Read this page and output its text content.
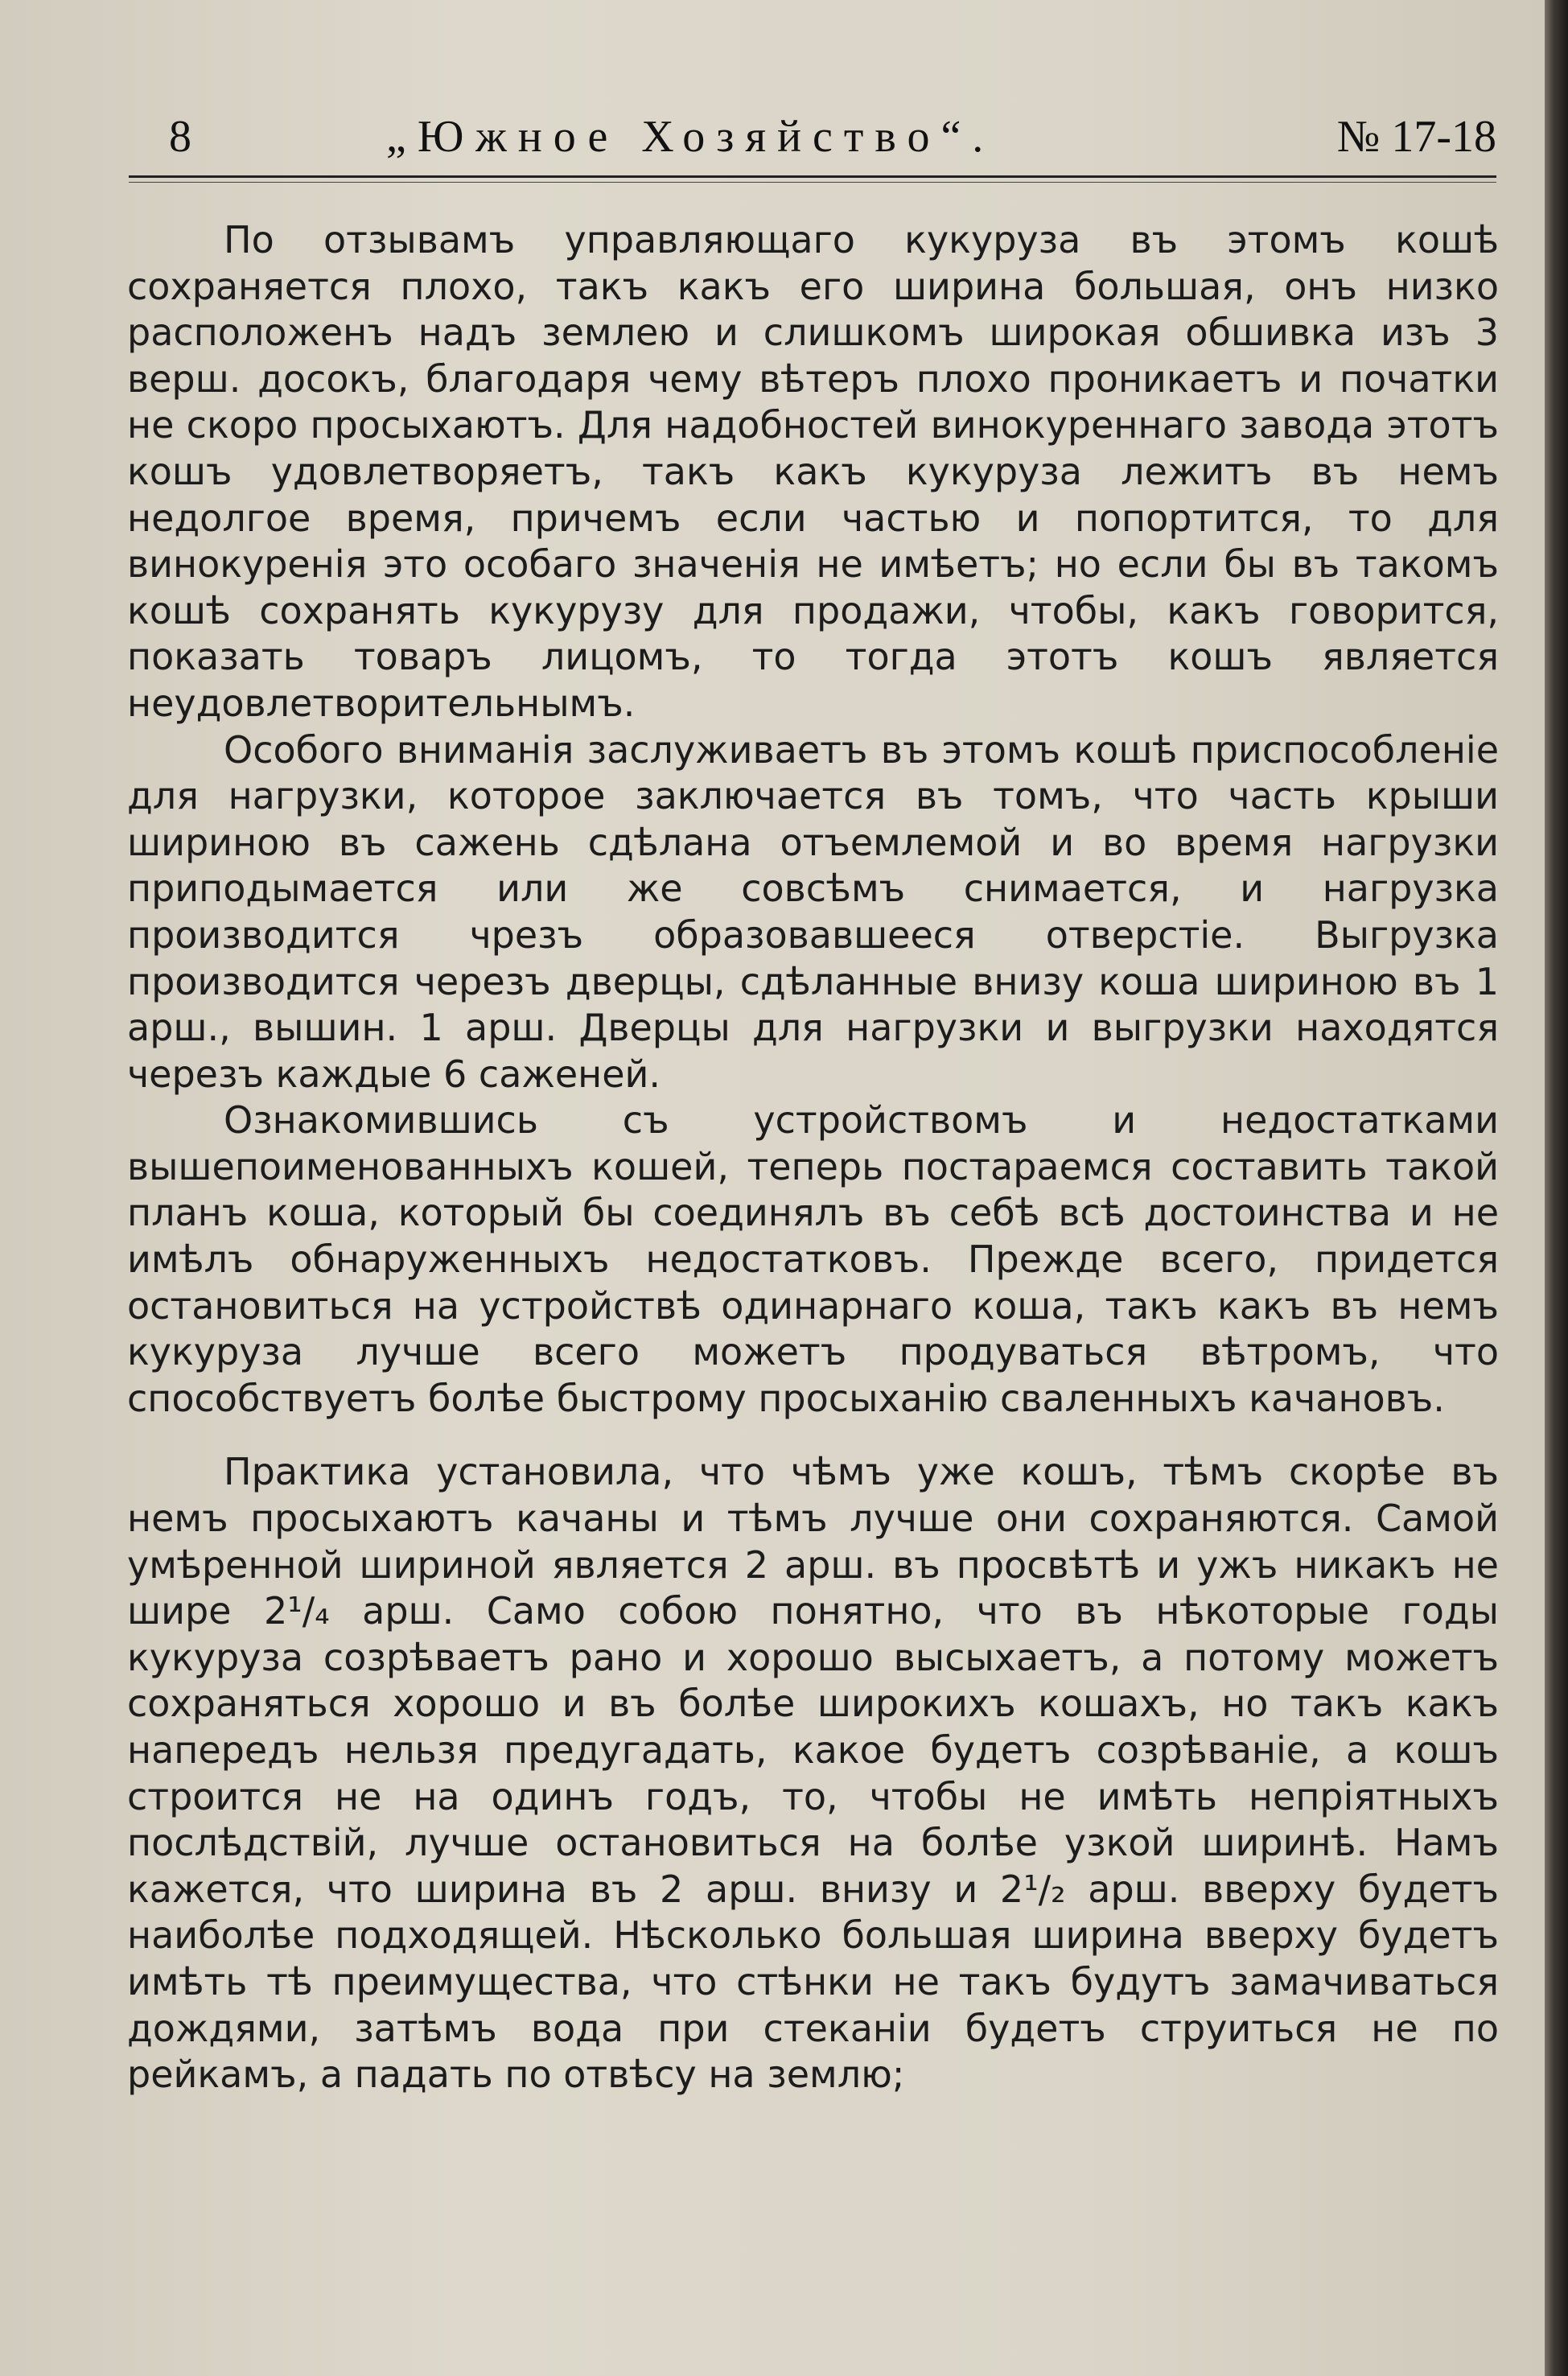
8	„Южное Хозяйство“.	№ 17-18

По отзывамъ управляющаго кукуруза въ этомъ кошѣ сохраняется плохо, такъ какъ его ширина большая, онъ низко расположенъ надъ землею и слишкомъ широкая обшивка изъ 3 верш. досокъ, благодаря чему вѣтеръ плохо проникаетъ и початки не скоро просыхаютъ. Для надобностей винокуреннаго завода этотъ кошъ удовлетворяетъ, такъ какъ кукуруза лежитъ въ немъ недолгое время, причемъ если частью и попортится, то для винокуренія это особаго значенія не имѣетъ; но если бы въ такомъ кошѣ сохранять кукурузу для продажи, чтобы, какъ говорится, показать товаръ лицомъ, то тогда этотъ кошъ является неудовлетворительнымъ.

Особого вниманія заслуживаетъ въ этомъ кошѣ приспособленіе для нагрузки, которое заключается въ томъ, что часть крыши шириною въ сажень сдѣлана отъемлемой и во время нагрузки приподымается или же совсѣмъ снимается, и нагрузка производится чрезъ образовавшееся отверстіе. Выгрузка производится черезъ дверцы, сдѣланные внизу коша шириною въ 1 арш., вышин. 1 арш. Дверцы для нагрузки и выгрузки находятся черезъ каждые 6 саженей.

Ознакомившись съ устройствомъ и недостатками вышепоименованныхъ кошей, теперь постараемся составить такой планъ коша, который бы соединялъ въ себѣ всѣ достоинства и не имѣлъ обнаруженныхъ недостатковъ. Прежде всего, придется остановиться на устройствѣ одинарнаго коша, такъ какъ въ немъ кукуруза лучше всего можетъ продуваться вѣтромъ, что способствуетъ болѣе быстрому просыханію сваленныхъ качановъ.

Практика установила, что чѣмъ уже кошъ, тѣмъ скорѣе въ немъ просыхаютъ качаны и тѣмъ лучше они сохраняются. Самой умѣренной шириной является 2 арш. въ просвѣтѣ и ужъ никакъ не шире 2¹/₄ арш. Само собою понятно, что въ нѣкоторые годы кукуруза созрѣваетъ рано и хорошо высыхаетъ, а потому можетъ сохраняться хорошо и въ болѣе широкихъ кошахъ, но такъ какъ напередъ нельзя предугадать, какое будетъ созрѣваніе, а кошъ строится не на одинъ годъ, то, чтобы не имѣть непріятныхъ послѣдствій, лучше остановиться на болѣе узкой ширинѣ. Намъ кажется, что ширина въ 2 арш. внизу и 2¹/₂ арш. вверху будетъ наиболѣе подходящей. Нѣсколько большая ширина вверху будетъ имѣть тѣ преимущества, что стѣнки не такъ будутъ замачиваться дождями, затѣмъ вода при стеканіи будетъ струиться не по рейкамъ, а падать по отвѣсу на землю;
